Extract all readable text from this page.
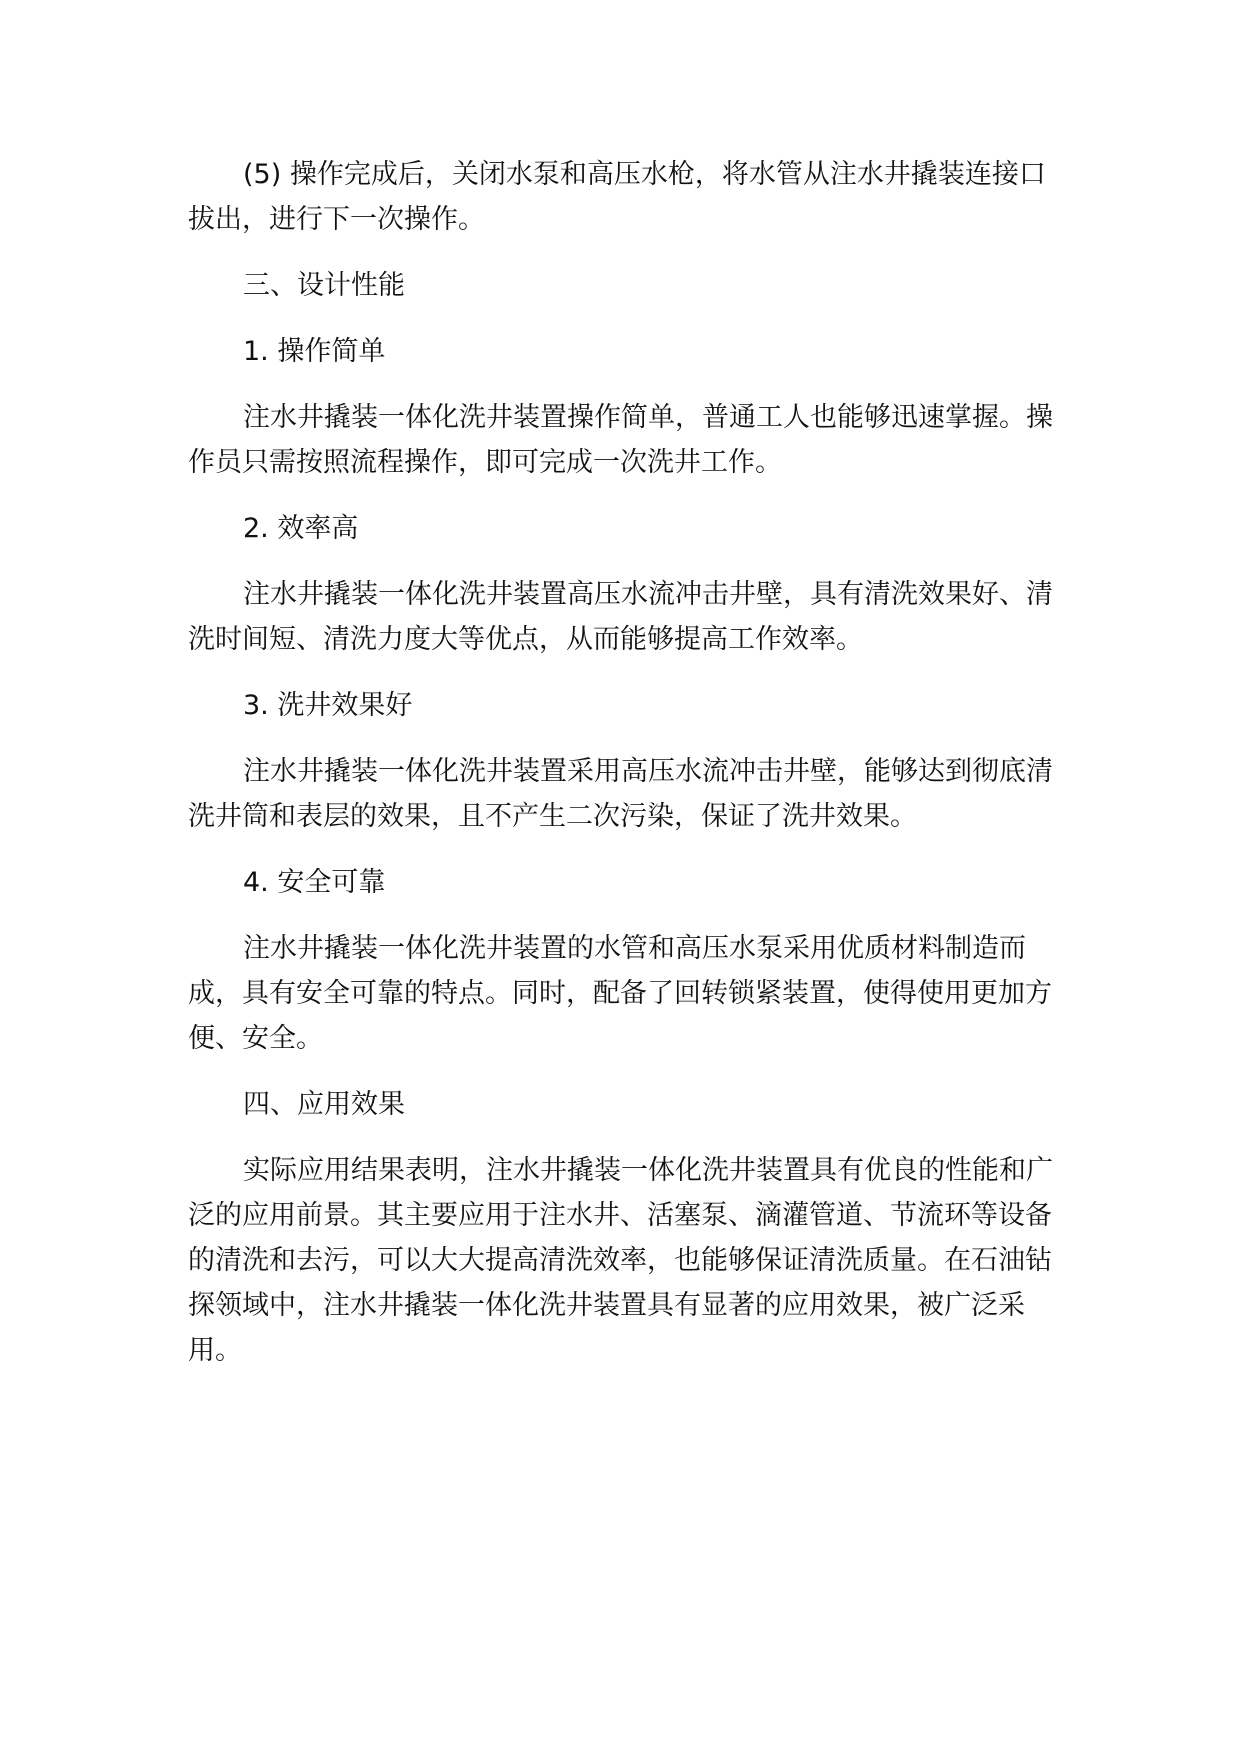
(5) 操作完成后，关闭水泵和高压水枪，将水管从注水井撬装连接口拔出，进行下一次操作。

三、设计性能

1. 操作简单

注水井撬装一体化洗井装置操作简单，普通工人也能够迅速掌握。操作员只需按照流程操作，即可完成一次洗井工作。

2. 效率高

注水井撬装一体化洗井装置高压水流冲击井壁，具有清洗效果好、清洗时间短、清洗力度大等优点，从而能够提高工作效率。

3. 洗井效果好

注水井撬装一体化洗井装置采用高压水流冲击井壁，能够达到彻底清洗井筒和表层的效果，且不产生二次污染，保证了洗井效果。

4. 安全可靠

注水井撬装一体化洗井装置的水管和高压水泵采用优质材料制造而成，具有安全可靠的特点。同时，配备了回转锁紧装置，使得使用更加方便、安全。

四、应用效果

实际应用结果表明，注水井撬装一体化洗井装置具有优良的性能和广泛的应用前景。其主要应用于注水井、活塞泵、滴灌管道、节流环等设备的清洗和去污，可以大大提高清洗效率，也能够保证清洗质量。在石油钻探领域中，注水井撬装一体化洗井装置具有显著的应用效果，被广泛采用。
